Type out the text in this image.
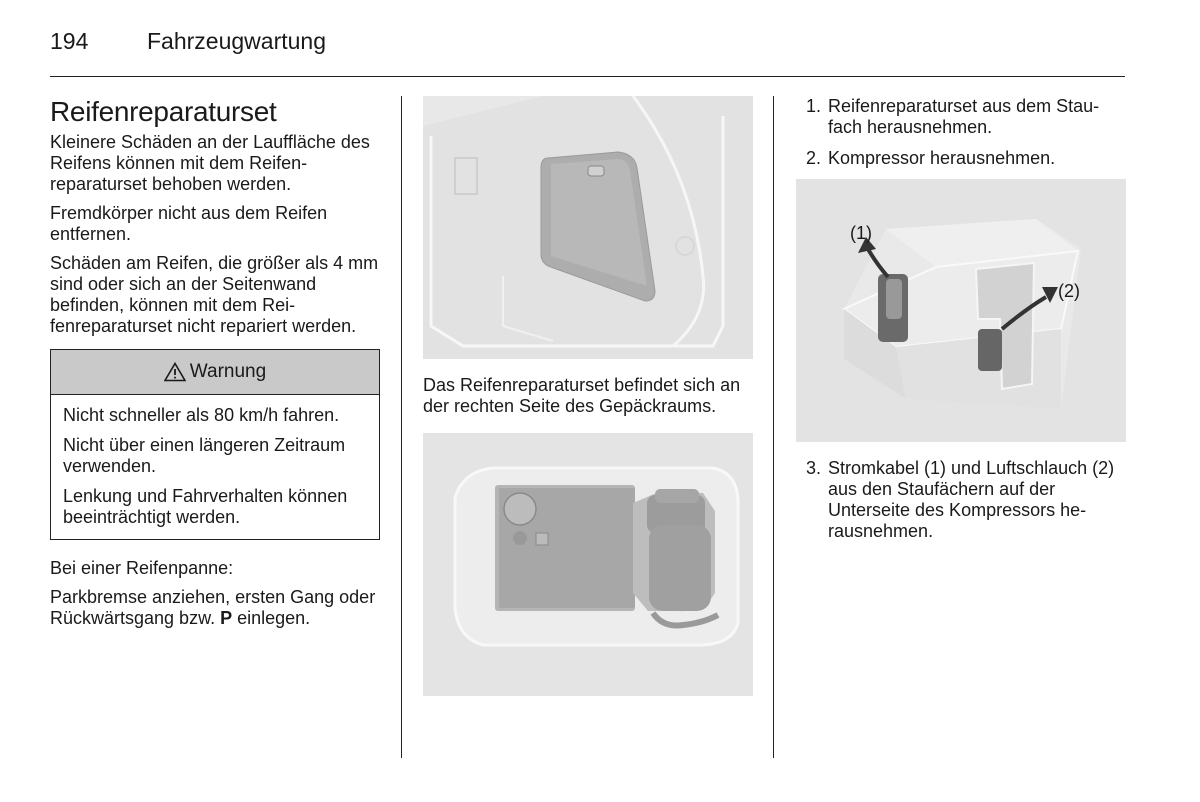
194	Fahrzeugwartung
Reifenreparaturset

Kleinere Schäden an der Lauffläche des Reifens können mit dem Reifenreparaturset behoben werden.

Fremdkörper nicht aus dem Reifen entfernen.

Schäden am Reifen, die größer als 4 mm sind oder sich an der Seitenwand befinden, können mit dem Reifenreparaturset nicht repariert werden.

Warnung

Nicht schneller als 80 km/h fahren.

Nicht über einen längeren Zeitraum verwenden.

Lenkung und Fahrverhalten können beeinträchtigt werden.

Bei einer Reifenpanne:

Parkbremse anziehen, ersten Gang oder Rückwärtsgang bzw. P einlegen.

Das Reifenreparaturset befindet sich an der rechten Seite des Gepäckraums.

1. Reifenreparaturset aus dem Staufach herausnehmen.
2. Kompressor herausnehmen.
(1)
(2)
3. Stromkabel (1) und Luftschlauch (2) aus den Staufächern auf der Unterseite des Kompressors herausnehmen.
